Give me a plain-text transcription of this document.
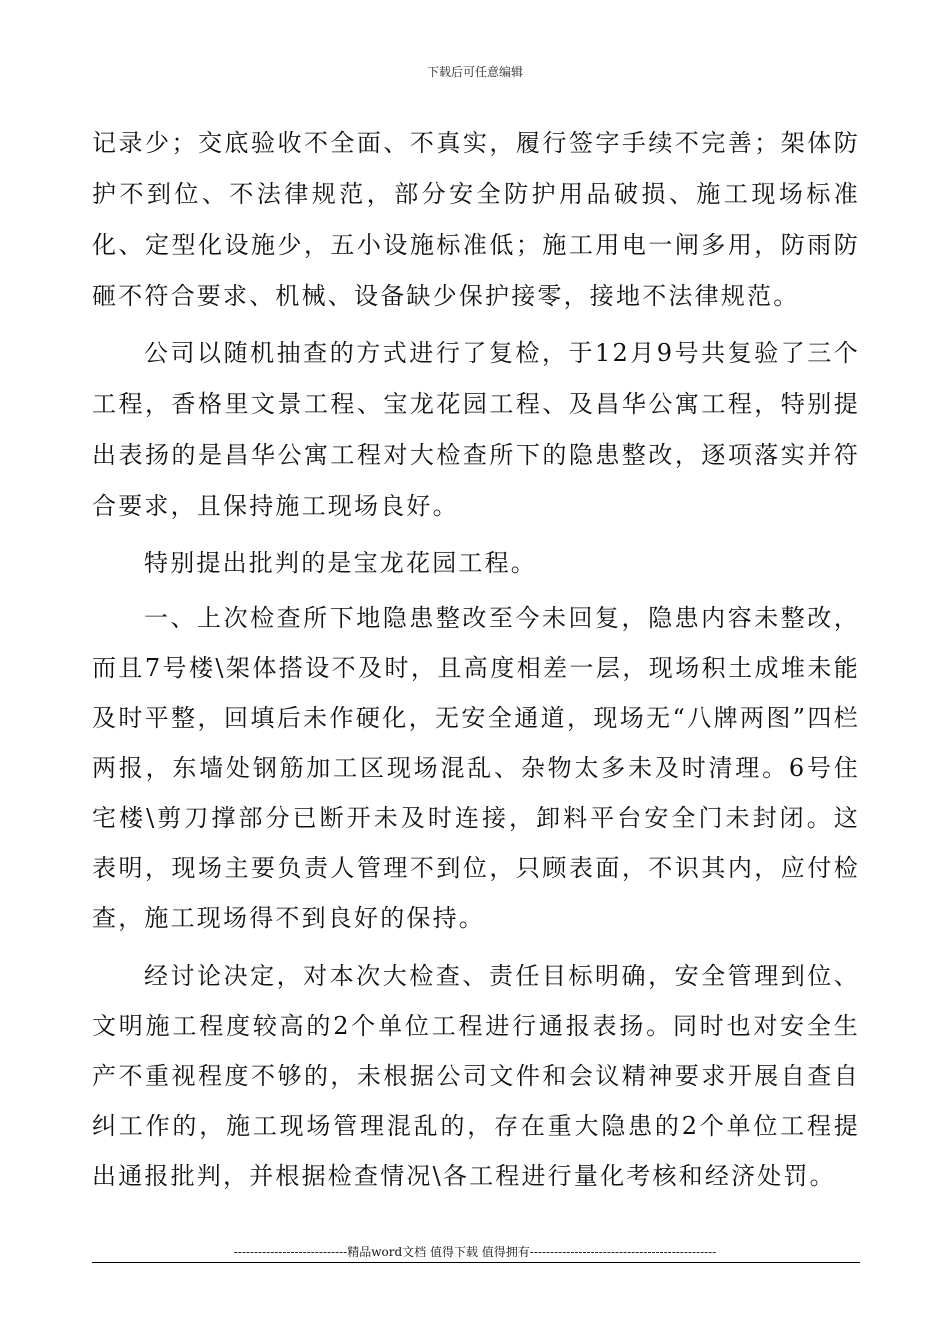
下载后可任意编辑

记录少；交底验收不全面、不真实，履行签字手续不完善；架体防护不到位、不法律规范，部分安全防护用品破损、施工现场标准化、定型化设施少，五小设施标准低；施工用电一闸多用，防雨防砸不符合要求、机械、设备缺少保护接零，接地不法律规范。

公司以随机抽查的方式进行了复检，于12月9号共复验了三个工程，香格里文景工程、宝龙花园工程、及昌华公寓工程，特别提出表扬的是昌华公寓工程对大检查所下的隐患整改，逐项落实并符合要求，且保持施工现场良好。

特别提出批判的是宝龙花园工程。

一、上次检查所下地隐患整改至今未回复，隐患内容未整改，而且7号楼\架体搭设不及时，且高度相差一层，现场积土成堆未能及时平整，回填后未作硬化，无安全通道，现场无“八牌两图”四栏两报，东墙处钢筋加工区现场混乱、杂物太多未及时清理。6号住宅楼\剪刀撑部分已断开未及时连接，卸料平台安全门未封闭。这表明，现场主要负责人管理不到位，只顾表面，不识其内，应付检查，施工现场得不到良好的保持。

经讨论决定，对本次大检查、责任目标明确，安全管理到位、文明施工程度较高的2个单位工程进行通报表扬。同时也对安全生产不重视程度不够的，未根据公司文件和会议精神要求开展自查自纠工作的，施工现场管理混乱的，存在重大隐患的2个单位工程提出通报批判，并根据检查情况\各工程进行量化考核和经济处罚。

----------------------------精品word文档 值得下载 值得拥有----------------------------------------------
